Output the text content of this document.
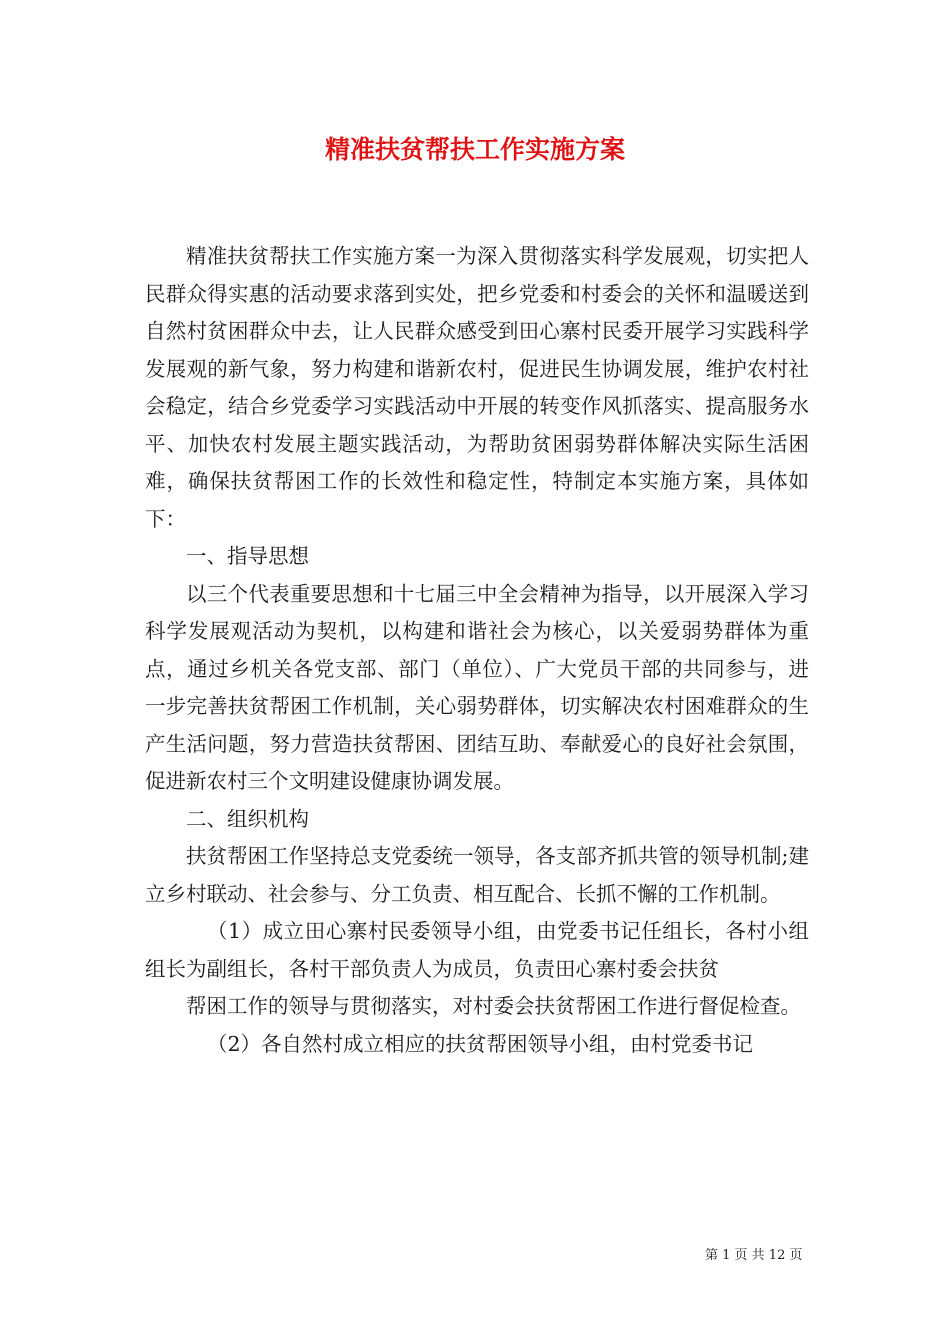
精准扶贫帮扶工作实施方案

精准扶贫帮扶工作实施方案一为深入贯彻落实科学发展观，切实把人民群众得实惠的活动要求落到实处，把乡党委和村委会的关怀和温暖送到自然村贫困群众中去，让人民群众感受到田心寨村民委开展学习实践科学发展观的新气象，努力构建和谐新农村，促进民生协调发展，维护农村社会稳定，结合乡党委学习实践活动中开展的转变作风抓落实、提高服务水平、加快农村发展主题实践活动，为帮助贫困弱势群体解决实际生活困难，确保扶贫帮困工作的长效性和稳定性，特制定本实施方案，具体如下：

一、指导思想

以三个代表重要思想和十七届三中全会精神为指导，以开展深入学习科学发展观活动为契机，以构建和谐社会为核心，以关爱弱势群体为重点，通过乡机关各党支部、部门（单位）、广大党员干部的共同参与，进一步完善扶贫帮困工作机制，关心弱势群体，切实解决农村困难群众的生产生活问题，努力营造扶贫帮困、团结互助、奉献爱心的良好社会氛围，促进新农村三个文明建设健康协调发展。

二、组织机构

扶贫帮困工作坚持总支党委统一领导，各支部齐抓共管的领导机制;建立乡村联动、社会参与、分工负责、相互配合、长抓不懈的工作机制。

（1）成立田心寨村民委领导小组，由党委书记任组长，各村小组组长为副组长，各村干部负责人为成员，负责田心寨村委会扶贫

帮困工作的领导与贯彻落实，对村委会扶贫帮困工作进行督促检查。

（2）各自然村成立相应的扶贫帮困领导小组，由村党委书记

第 1 页 共 12 页
